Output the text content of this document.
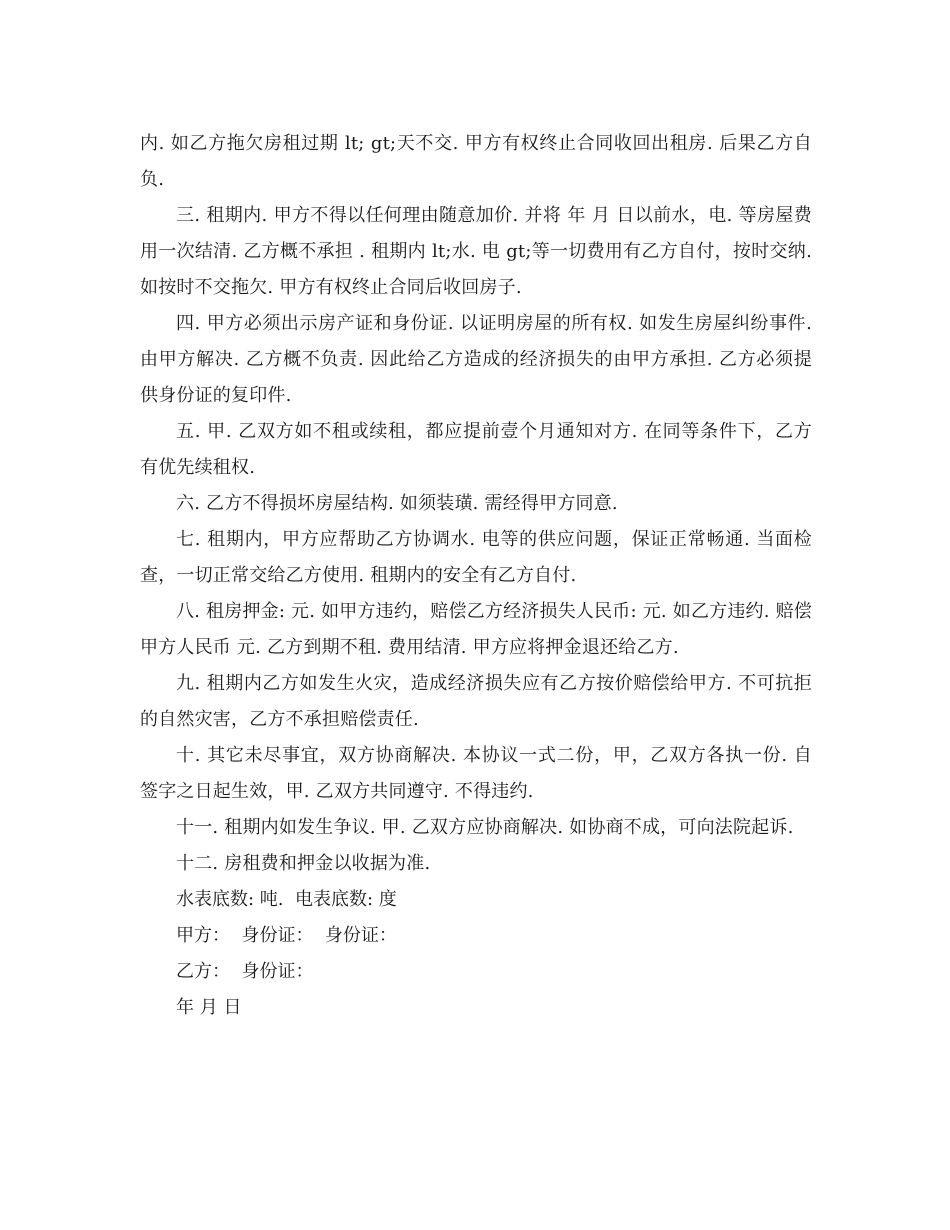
内. 如乙方拖欠房租过期 lt; gt;天不交. 甲方有权终止合同收回出租房. 后果乙方自负.

三. 租期内. 甲方不得以任何理由随意加价. 并将 年 月 日以前水，电. 等房屋费用一次结清. 乙方概不承担 . 租期内 lt;水. 电 gt;等一切费用有乙方自付，按时交纳. 如按时不交拖欠. 甲方有权终止合同后收回房子.

四. 甲方必须出示房产证和身份证. 以证明房屋的所有权. 如发生房屋纠纷事件. 由甲方解决. 乙方概不负责. 因此给乙方造成的经济损失的由甲方承担. 乙方必须提供身份证的复印件.

五. 甲. 乙双方如不租或续租，都应提前壹个月通知对方. 在同等条件下，乙方有优先续租权.

六. 乙方不得损坏房屋结构. 如须装璜. 需经得甲方同意.

七. 租期内，甲方应帮助乙方协调水. 电等的供应问题，保证正常畅通. 当面检查，一切正常交给乙方使用. 租期内的安全有乙方自付.

八. 租房押金: 元. 如甲方违约，赔偿乙方经济损失人民币: 元. 如乙方违约. 赔偿甲方人民币 元. 乙方到期不租. 费用结清. 甲方应将押金退还给乙方.

九. 租期内乙方如发生火灾，造成经济损失应有乙方按价赔偿给甲方. 不可抗拒的自然灾害，乙方不承担赔偿责任.

十. 其它未尽事宜，双方协商解决. 本协议一式二份，甲，乙双方各执一份. 自签字之日起生效，甲. 乙双方共同遵守. 不得违约.

十一. 租期内如发生争议. 甲. 乙双方应协商解决. 如协商不成，可向法院起诉.

十二. 房租费和押金以收据为准.

水表底数: 吨.  电表底数: 度

甲方：  身份证：  身份证：

乙方：  身份证：

年 月 日
